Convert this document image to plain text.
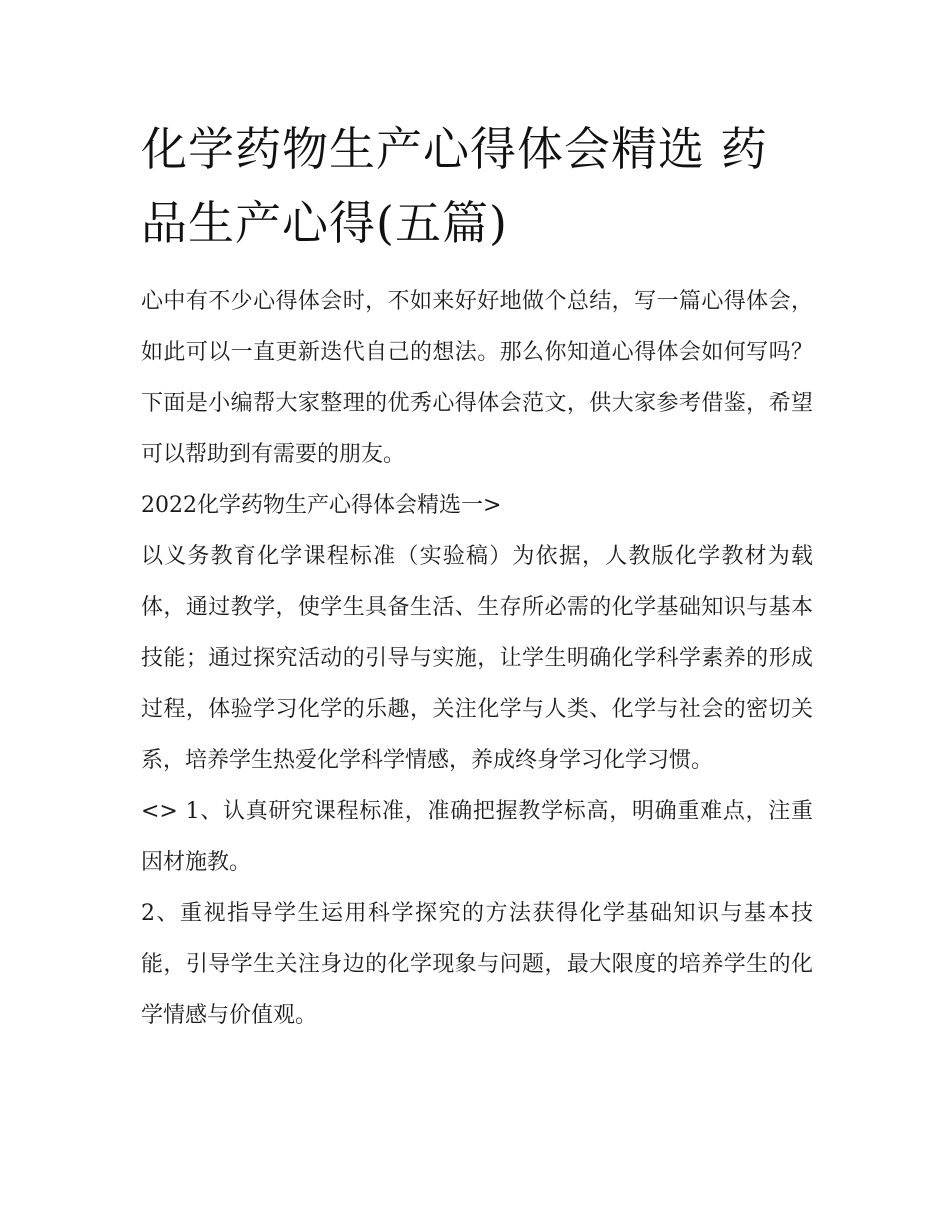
化学药物生产心得体会精选 药品生产心得(五篇)

心中有不少心得体会时，不如来好好地做个总结，写一篇心得体会，如此可以一直更新迭代自己的想法。那么你知道心得体会如何写吗？下面是小编帮大家整理的优秀心得体会范文，供大家参考借鉴，希望可以帮助到有需要的朋友。

2022化学药物生产心得体会精选一>

以义务教育化学课程标准（实验稿）为依据，人教版化学教材为载体，通过教学，使学生具备生活、生存所必需的化学基础知识与基本技能；通过探究活动的引导与实施，让学生明确化学科学素养的形成过程，体验学习化学的乐趣，关注化学与人类、化学与社会的密切关系，培养学生热爱化学科学情感，养成终身学习化学习惯。

<> 1、认真研究课程标准，准确把握教学标高，明确重难点，注重因材施教。

2、重视指导学生运用科学探究的方法获得化学基础知识与基本技能，引导学生关注身边的化学现象与问题，最大限度的培养学生的化学情感与价值观。
